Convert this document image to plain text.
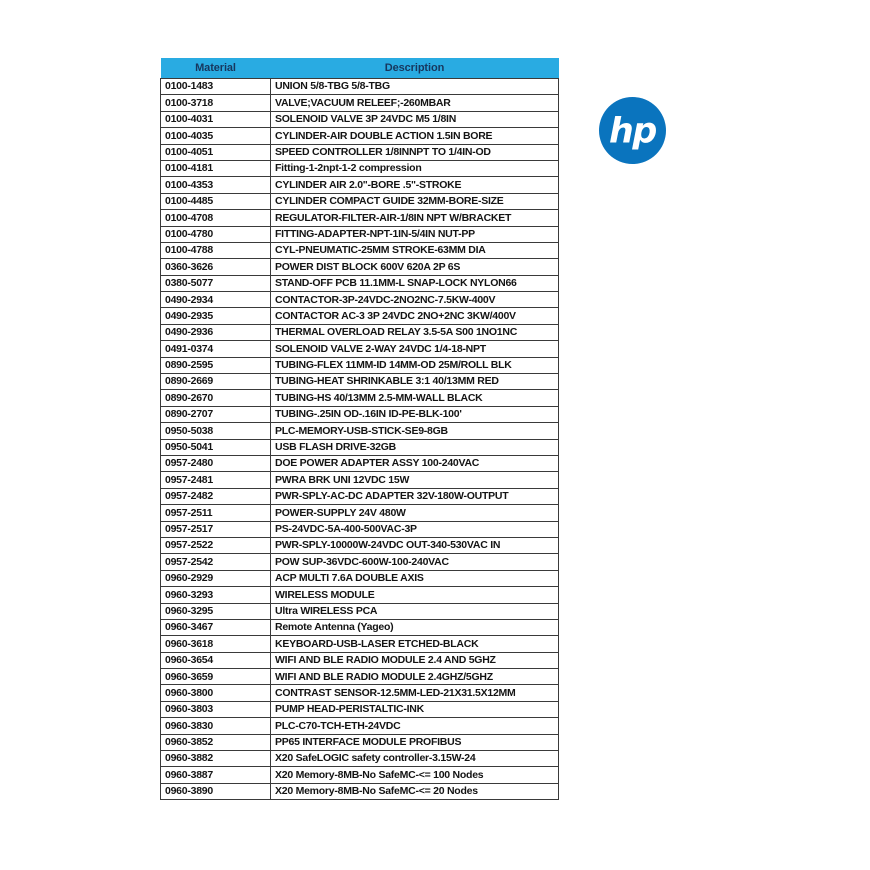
Material	Description
0100-1483	UNION 5/8-TBG 5/8-TBG
0100-3718	VALVE;VACUUM RELEEF;-260MBAR
0100-4031	SOLENOID VALVE 3P 24VDC M5 1/8IN
0100-4035	CYLINDER-AIR DOUBLE ACTION 1.5IN BORE
0100-4051	SPEED CONTROLLER 1/8INNPT TO 1/4IN-OD
0100-4181	Fitting-1-2npt-1-2 compression
0100-4353	CYLINDER AIR 2.0"-BORE .5"-STROKE
0100-4485	CYLINDER COMPACT GUIDE 32MM-BORE-SIZE
0100-4708	REGULATOR-FILTER-AIR-1/8IN NPT W/BRACKET
0100-4780	FITTING-ADAPTER-NPT-1IN-5/4IN NUT-PP
0100-4788	CYL-PNEUMATIC-25MM STROKE-63MM DIA
0360-3626	POWER DIST BLOCK 600V 620A 2P 6S
0380-5077	STAND-OFF PCB 11.1MM-L SNAP-LOCK NYLON66
0490-2934	CONTACTOR-3P-24VDC-2NO2NC-7.5KW-400V
0490-2935	CONTACTOR AC-3 3P 24VDC 2NO+2NC 3KW/400V
0490-2936	THERMAL OVERLOAD RELAY 3.5-5A S00 1NO1NC
0491-0374	SOLENOID VALVE 2-WAY 24VDC 1/4-18-NPT
0890-2595	TUBING-FLEX 11MM-ID 14MM-OD 25M/ROLL BLK
0890-2669	TUBING-HEAT SHRINKABLE 3:1 40/13MM RED
0890-2670	TUBING-HS 40/13MM 2.5-MM-WALL BLACK
0890-2707	TUBING-.25IN OD-.16IN ID-PE-BLK-100'
0950-5038	PLC-MEMORY-USB-STICK-SE9-8GB
0950-5041	USB FLASH DRIVE-32GB
0957-2480	DOE POWER ADAPTER ASSY 100-240VAC
0957-2481	PWRA BRK UNI 12VDC 15W
0957-2482	PWR-SPLY-AC-DC ADAPTER 32V-180W-OUTPUT
0957-2511	POWER-SUPPLY 24V 480W
0957-2517	PS-24VDC-5A-400-500VAC-3P
0957-2522	PWR-SPLY-10000W-24VDC OUT-340-530VAC IN
0957-2542	POW SUP-36VDC-600W-100-240VAC
0960-2929	ACP MULTI 7.6A DOUBLE AXIS
0960-3293	WIRELESS MODULE
0960-3295	Ultra WIRELESS PCA
0960-3467	Remote Antenna (Yageo)
0960-3618	KEYBOARD-USB-LASER ETCHED-BLACK
0960-3654	WIFI AND BLE RADIO MODULE 2.4 AND 5GHZ
0960-3659	WIFI AND BLE RADIO MODULE 2.4GHZ/5GHZ
0960-3800	CONTRAST SENSOR-12.5MM-LED-21X31.5X12MM
0960-3803	PUMP HEAD-PERISTALTIC-INK
0960-3830	PLC-C70-TCH-ETH-24VDC
0960-3852	PP65 INTERFACE MODULE PROFIBUS
0960-3882	X20 SafeLOGIC safety controller-3.15W-24
0960-3887	X20 Memory-8MB-No SafeMC-<= 100 Nodes
0960-3890	X20 Memory-8MB-No SafeMC-<= 20 Nodes
hp
